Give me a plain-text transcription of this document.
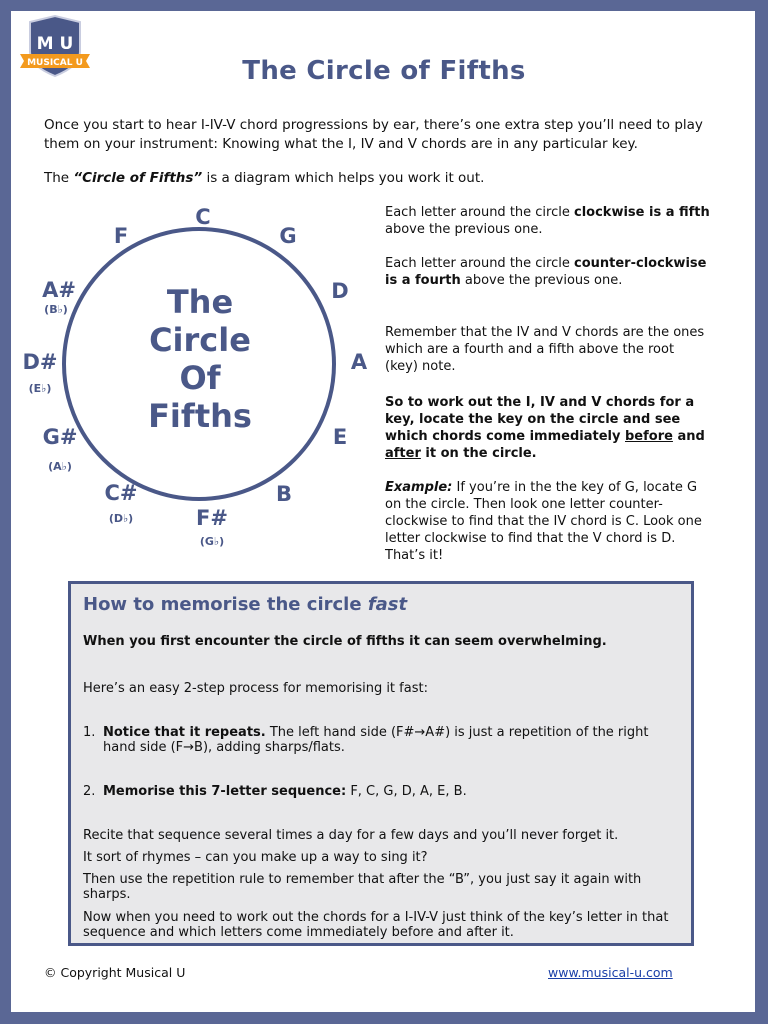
M U
MUSICAL U	The Circle of Fifths
Once you start to hear I-IV-V chord progressions by ear, there’s one extra step you’ll need to play them on your instrument: Knowing what the I, IV and V chords are in any particular key.
The “Circle of Fifths” is a diagram which helps you work it out.
The
Circle
Of
Fifths
C
G
D
A
E
B
F#
(G♭)
C#
(D♭)
G#
(A♭)
D#
(E♭)
A#
(B♭)
F
Each letter around the circle clockwise is a fifth above the previous one.
Each letter around the circle counter-clockwise is a fourth above the previous one.
Remember that the IV and V chords are the ones which are a fourth and a fifth above the root (key) note.
So to work out the I, IV and V chords for a key, locate the key on the circle and see which chords come immediately before and after it on the circle.
Example: If you’re in the the key of G, locate G on the circle. Then look one letter counter-clockwise to find that the IV chord is C. Look one letter clockwise to find that the V chord is D. That’s it!
How to memorise the circle fast
When you first encounter the circle of fifths it can seem overwhelming.
Here’s an easy 2-step process for memorising it fast:
1. Notice that it repeats. The left hand side (F#→A#) is just a repetition of the right hand side (F→B), adding sharps/flats.
2. Memorise this 7-letter sequence: F, C, G, D, A, E, B.
Recite that sequence several times a day for a few days and you’ll never forget it.
It sort of rhymes – can you make up a way to sing it?
Then use the repetition rule to remember that after the “B”, you just say it again with sharps.
Now when you need to work out the chords for a I-IV-V just think of the key’s letter in that sequence and which letters come immediately before and after it.
© Copyright Musical U	www.musical-u.com
